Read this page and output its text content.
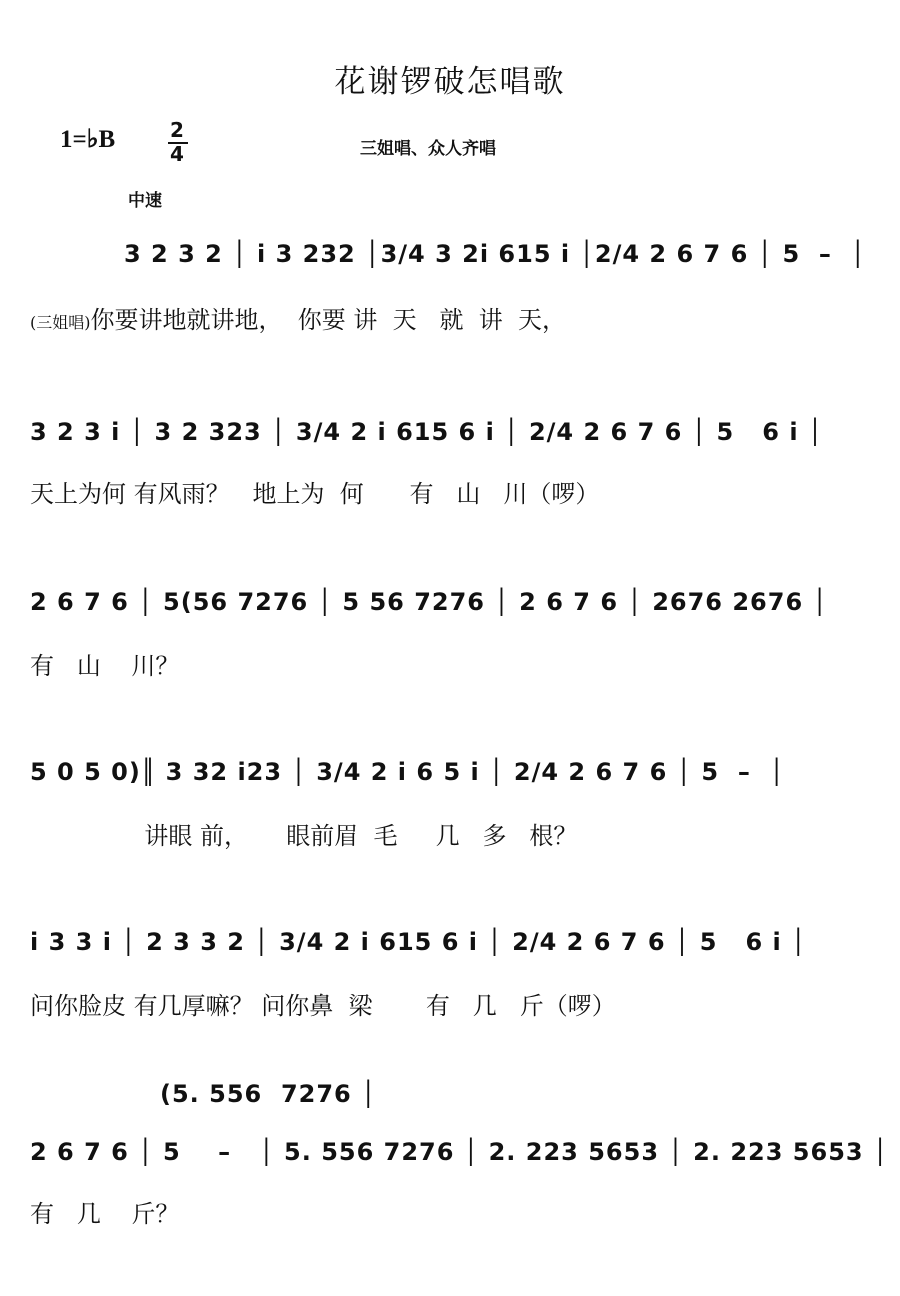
花谢锣破怎唱歌
1=♭B	2
4	三姐唱、众人齐唱
中速
3 2 3 2 │ i 3 232 │3/4 3 2i 615 i │2/4 2 6 7 6 │ 5  –  │
(三姐唱)你要讲地就讲地，  你要 讲  天   就  讲  天，
3 2 3 i │ 3 2 323 │ 3/4 2 i 615 6 i │ 2/4 2 6 7 6 │ 5   6 i │
天上为何 有风雨？   地上为  何      有   山   川（啰）
2 6 7 6 │ 5(56 7276 │ 5 56 7276 │ 2 6 7 6 │ 2676 2676 │
有   山    川？
5 0 5 0)║ 3 32 i23 │ 3/4 2 i 6 5 i │ 2/4 2 6 7 6 │ 5  –  │
讲眼 前，     眼前眉  毛     几   多   根？
i 3 3 i │ 2 3 3 2 │ 3/4 2 i 615 6 i │ 2/4 2 6 7 6 │ 5   6 i │
问你脸皮 有几厚嘛？ 问你鼻  梁       有   几   斤（啰）
(5. 556  7276 │
2 6 7 6 │ 5    –   │ 5. 556 7276 │ 2. 223 5653 │ 2. 223 5653 │
有   几    斤？
